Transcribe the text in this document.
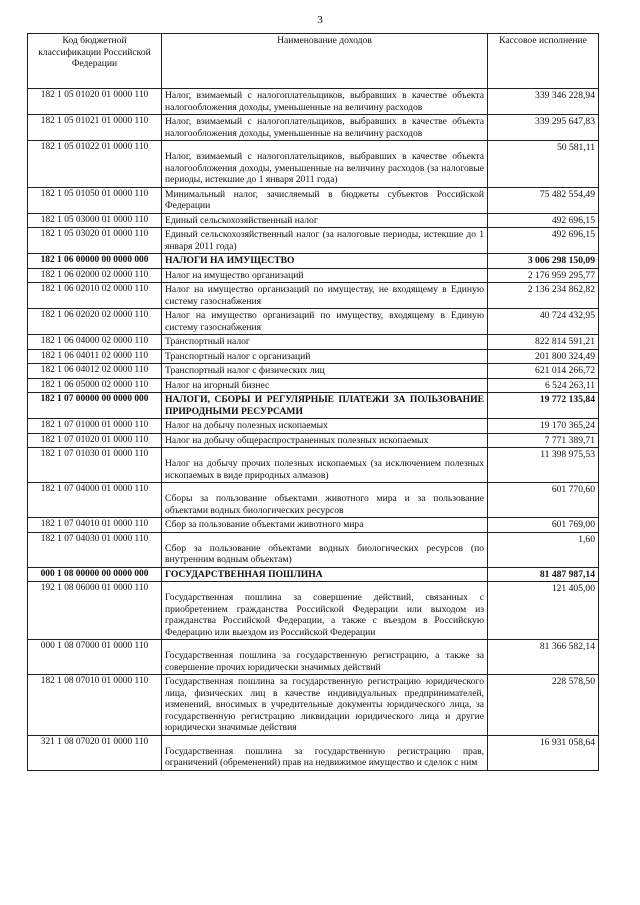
3
Код бюджетной классификации Российской Федерации	Наименование доходов	Кассовое исполнение
182 1 05 01020 01 0000 110	Налог, взимаемый с налогоплательщиков, выбравших в качестве объекта налогообложения доходы, уменьшенные на величину расходов	339 346 228,94
182 1 05 01021 01 0000 110	Налог, взимаемый с налогоплательщиков, выбравших в качестве объекта налогообложения доходы, уменьшенные на величину расходов	339 295 647,83
182 1 05 01022 01 0000 110	Налог, взимаемый с налогоплательщиков, выбравших в качестве объекта налогообложения доходы, уменьшенные на величину расходов (за налоговые периоды, истекшие до 1 января 2011 года)	50 581,11
182 1 05 01050 01 0000 110	Минимальный налог, зачисляемый в бюджеты субъектов Российской Федерации	75 482 554,49
182 1 05 03000 01 0000 110	Единый сельскохозяйственный налог	492 696,15
182 1 05 03020 01 0000 110	Единый сельскохозяйственный налог (за налоговые периоды, истекшие до 1 января 2011 года)	492 696,15
182 1 06 00000 00 0000 000	НАЛОГИ НА ИМУЩЕСТВО	3 006 298 150,09
182 1 06 02000 02 0000 110	Налог на имущество организаций	2 176 959 295,77
182 1 06 02010 02 0000 110	Налог на имущество организаций по имуществу, не входящему в Единую систему газоснабжения	2 136 234 862,82
182 1 06 02020 02 0000 110	Налог на имущество организаций по имуществу, входящему в Единую систему газоснабжения	40 724 432,95
182 1 06 04000 02 0000 110	Транспортный налог	822 814 591,21
182 1 06 04011 02 0000 110	Транспортный налог с организаций	201 800 324,49
182 1 06 04012 02 0000 110	Транспортный налог с физических лиц	621 014 266,72
182 1 06 05000 02 0000 110	Налог на игорный бизнес	6 524 263,11
182 1 07 00000 00 0000 000	НАЛОГИ, СБОРЫ И РЕГУЛЯРНЫЕ ПЛАТЕЖИ ЗА ПОЛЬЗОВАНИЕ ПРИРОДНЫМИ РЕСУРСАМИ	19 772 135,84
182 1 07 01000 01 0000 110	Налог на добычу полезных ископаемых	19 170 365,24
182 1 07 01020 01 0000 110	Налог на добычу общераспространенных полезных ископаемых	7 771 389,71
182 1 07 01030 01 0000 110	Налог на добычу прочих полезных ископаемых (за исключением полезных ископаемых в виде природных алмазов)	11 398 975,53
182 1 07 04000 01 0000 110	Сборы за пользование объектами животного мира и за пользование объектами водных биологических ресурсов	601 770,60
182 1 07 04010 01 0000 110	Сбор за пользование объектами животного мира	601 769,00
182 1 07 04030 01 0000 110	Сбор за пользование объектами водных биологических ресурсов (по внутренним водным объектам)	1,60
000 1 08 00000 00 0000 000	ГОСУДАРСТВЕННАЯ ПОШЛИНА	81 487 987,14
192 1 08 06000 01 0000 110	Государственная пошлина за совершение действий, связанных с приобретением гражданства Российской Федерации или выходом из гражданства Российской Федерации, а также с въездом в Российскую Федерацию или выездом из Российской Федерации	121 405,00
000 1 08 07000 01 0000 110	Государственная пошлина за государственную регистрацию, а также за совершение прочих юридически значимых действий	81 366 582,14
182 1 08 07010 01 0000 110	Государственная пошлина за государственную регистрацию юридического лица, физических лиц в качестве индивидуальных предпринимателей, изменений, вносимых в учредительные документы юридического лица, за государственную регистрацию ликвидации юридического лица и другие юридически значимые действия	228 578,50
321 1 08 07020 01 0000 110	Государственная пошлина за государственную регистрацию прав, ограничений (обременений) прав на недвижимое имущество и сделок с ним	16 931 058,64
